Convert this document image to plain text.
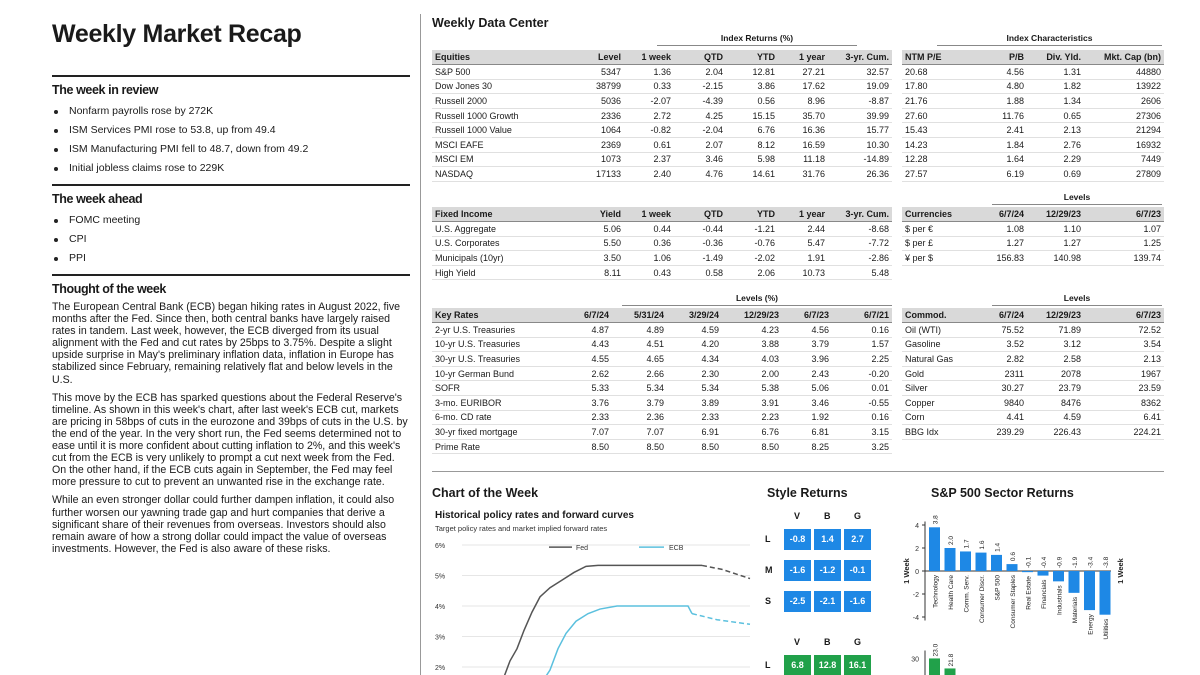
Weekly Market Recap
The week in review
Nonfarm payrolls rose by 272K
ISM Services PMI rose to 53.8, up from 49.4
ISM Manufacturing PMI fell to 48.7, down from 49.2
Initial jobless claims rose to 229K
The week ahead
FOMC meeting
CPI
PPI
Thought of the week

The European Central Bank (ECB) began hiking rates in August 2022, five months after the Fed. Since then, both central banks have largely raised rates in tandem. Last week, however, the ECB diverged from its usual alignment with the Fed and cut rates by 25bps to 3.75%. Despite a slight upside surprise in May's preliminary inflation data, inflation in Europe has stabilized since February, remaining relatively flat and below levels in the U.S.

This move by the ECB has sparked questions about the Federal Reserve's timeline. As shown in this week's chart, after last week's ECB cut, markets are pricing in 58bps of cuts in the eurozone and 39bps of cuts in the U.S. by the end of the year. In the very short run, the Fed seems determined not to ease until it is more confident about cutting inflation to 2%, and this week's cut from the ECB is very unlikely to prompt a cut next week from the Fed. On the other hand, if the ECB cuts again in September, the Fed may feel more pressure to cut to prevent an unwanted rise in the exchange rate.

While an even stronger dollar could further dampen inflation, it could also further worsen our yawning trade gap and hurt companies that derive a significant share of their revenues from overseas. Investors should also remain aware of how a strong dollar could impact the value of overseas investments. However, the Fed is also aware of these risks.

Weekly Data Center
Index Returns (%)	Index Characteristics
Equities	Level	1 week	QTD	YTD	1 year	3-yr. Cum.
S&P 500	5347	1.36	2.04	12.81	27.21	32.57
Dow Jones 30	38799	0.33	-2.15	3.86	17.62	19.09
Russell 2000	5036	-2.07	-4.39	0.56	8.96	-8.87
Russell 1000 Growth	2336	2.72	4.25	15.15	35.70	39.99
Russell 1000 Value	1064	-0.82	-2.04	6.76	16.36	15.77
MSCI EAFE	2369	0.61	2.07	8.12	16.59	10.30
MSCI EM	1073	2.37	3.46	5.98	11.18	-14.89
NASDAQ	17133	2.40	4.76	14.61	31.76	26.36
NTM P/E	P/B	Div. Yld.	Mkt. Cap (bn)
20.68	4.56	1.31	44880
17.80	4.80	1.82	13922
21.76	1.88	1.34	2606
27.60	11.76	0.65	27306
15.43	2.41	2.13	21294
14.23	1.84	2.76	16932
12.28	1.64	2.29	7449
27.57	6.19	0.69	27809
Levels
Fixed Income	Yield	1 week	QTD	YTD	1 year	3-yr. Cum.
U.S. Aggregate	5.06	0.44	-0.44	-1.21	2.44	-8.68
U.S. Corporates	5.50	0.36	-0.36	-0.76	5.47	-7.72
Municipals (10yr)	3.50	1.06	-1.49	-2.02	1.91	-2.86
High Yield	8.11	0.43	0.58	2.06	10.73	5.48
Currencies	6/7/24	12/29/23	6/7/23
$ per €	1.08	1.10	1.07
$ per £	1.27	1.27	1.25
¥ per $	156.83	140.98	139.74
Levels (%)	Levels
Key Rates	6/7/24	5/31/24	3/29/24	12/29/23	6/7/23	6/7/21
2-yr U.S. Treasuries	4.87	4.89	4.59	4.23	4.56	0.16
10-yr U.S. Treasuries	4.43	4.51	4.20	3.88	3.79	1.57
30-yr U.S. Treasuries	4.55	4.65	4.34	4.03	3.96	2.25
10-yr German Bund	2.62	2.66	2.30	2.00	2.43	-0.20
SOFR	5.33	5.34	5.34	5.38	5.06	0.01
3-mo. EURIBOR	3.76	3.79	3.89	3.91	3.46	-0.55
6-mo. CD rate	2.33	2.36	2.33	2.23	1.92	0.16
30-yr fixed mortgage	7.07	7.07	6.91	6.76	6.81	3.15
Prime Rate	8.50	8.50	8.50	8.50	8.25	3.25
Commod.	6/7/24	12/29/23	6/7/23
Oil (WTI)	75.52	71.89	72.52
Gasoline	3.52	3.12	3.54
Natural Gas	2.82	2.58	2.13
Gold	2311	2078	1967
Silver	30.27	23.79	23.59
Copper	9840	8476	8362
Corn	4.41	4.59	6.41
BBG Idx	239.29	226.43	224.21
Chart of the Week
Historical policy rates and forward curves
Target policy rates and market implied forward rates
6%
5%
4%
3%
2%
Fed	ECB
Style Returns
V	B	G
L	-0.8	1.4	2.7
M	-1.6	-1.2	-0.1
S	-2.5	-2.1	-1.6
V	B	G
L	6.8	12.8	16.1
S&P 500 Sector Returns
4
2
0
-2
-4
3.8
Technology
2.0
Health Care
1.7
Comm. Serv.
1.6
Consumer Discr.
1.4
S&P 500
0.6
Consumer Staples
-0.1
Real Estate
-0.4
Financials
-0.9
Industrials
-1.9
Materials
-3.4
Energy
-3.8
Utilities
1 Week	1 Week
30
23.0
21.8
